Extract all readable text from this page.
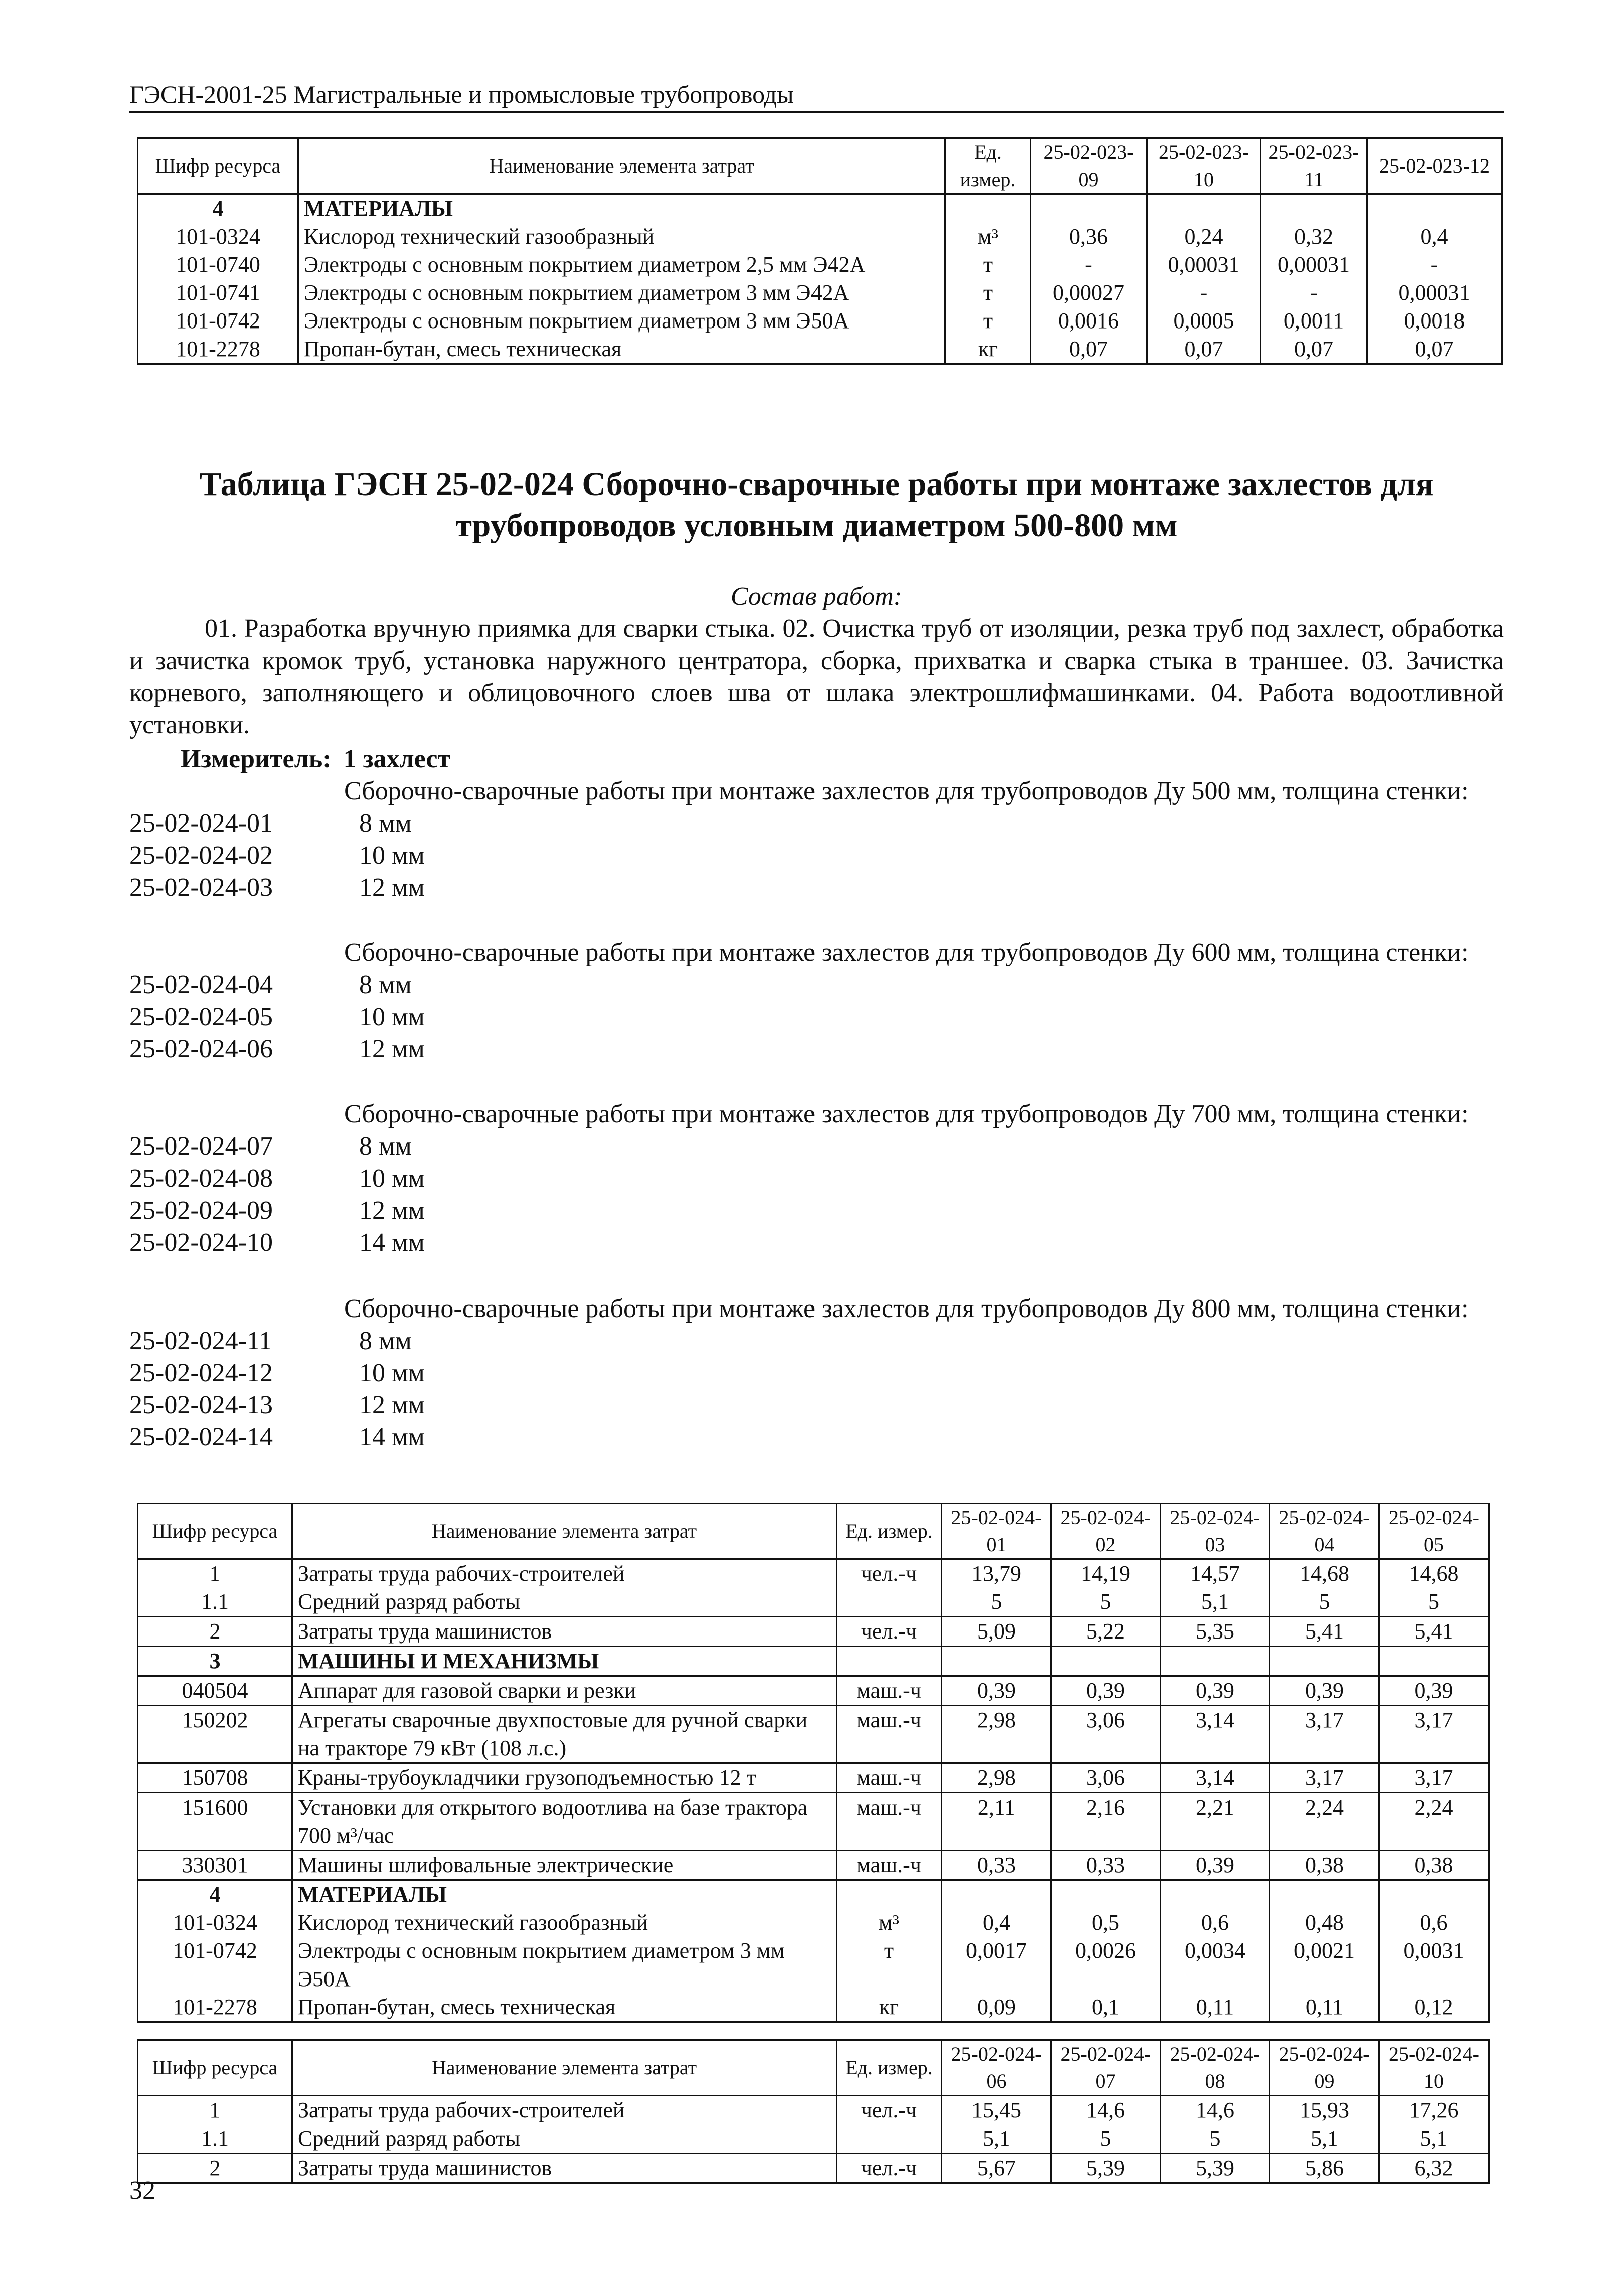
ГЭСН-2001-25 Магистральные и промысловые трубопроводы
Шифр ресурса	Наименование элемента затрат	Ед. измер.	25-02-023-09	25-02-023-10	25-02-023-11	25-02-023-12
4	МАТЕРИАЛЫ					
101-0324	Кислород технический газообразный	м³	0,36	0,24	0,32	0,4
101-0740	Электроды с основным покрытием диаметром 2,5 мм Э42А	т	-	0,00031	0,00031	-
101-0741	Электроды с основным покрытием диаметром 3 мм Э42А	т	0,00027	-	-	0,00031
101-0742	Электроды с основным покрытием диаметром 3 мм Э50А	т	0,0016	0,0005	0,0011	0,0018
101-2278	Пропан-бутан, смесь техническая	кг	0,07	0,07	0,07	0,07
Таблица ГЭСН 25-02-024 Сборочно-сварочные работы при монтаже захлестов для трубопроводов условным диаметром 500-800 мм
Состав работ:
01. Разработка вручную приямка для сварки стыка. 02. Очистка труб от изоляции, резка труб под захлест, обработка и зачистка кромок труб, установка наружного центратора, сборка, прихватка и сварка стыка в траншее. 03. Зачистка корневого, заполняющего и облицовочного слоев шва от шлака электрошлифмашинками. 04. Работа водоотливной установки.
Измеритель: 1 захлест
Сборочно-сварочные работы при монтаже захлестов для трубопроводов Ду 500 мм, толщина стенки:
25-02-024-01	8 мм
25-02-024-02	10 мм
25-02-024-03	12 мм
Сборочно-сварочные работы при монтаже захлестов для трубопроводов Ду 600 мм, толщина стенки:
25-02-024-04	8 мм
25-02-024-05	10 мм
25-02-024-06	12 мм
Сборочно-сварочные работы при монтаже захлестов для трубопроводов Ду 700 мм, толщина стенки:
25-02-024-07	8 мм
25-02-024-08	10 мм
25-02-024-09	12 мм
25-02-024-10	14 мм
Сборочно-сварочные работы при монтаже захлестов для трубопроводов Ду 800 мм, толщина стенки:
25-02-024-11	8 мм
25-02-024-12	10 мм
25-02-024-13	12 мм
25-02-024-14	14 мм
Шифр ресурса	Наименование элемента затрат	Ед. измер.	25-02-024-01	25-02-024-02	25-02-024-03	25-02-024-04	25-02-024-05
1	Затраты труда рабочих-строителей	чел.-ч	13,79	14,19	14,57	14,68	14,68
1.1	Средний разряд работы		5	5	5,1	5	5
2	Затраты труда машинистов	чел.-ч	5,09	5,22	5,35	5,41	5,41
3	МАШИНЫ И МЕХАНИЗМЫ						
040504	Аппарат для газовой сварки и резки	маш.-ч	0,39	0,39	0,39	0,39	0,39
150202	Агрегаты сварочные двухпостовые для ручной сварки на тракторе 79 кВт (108 л.с.)	маш.-ч	2,98	3,06	3,14	3,17	3,17
150708	Краны-трубоукладчики грузоподъемностью 12 т	маш.-ч	2,98	3,06	3,14	3,17	3,17
151600	Установки для открытого водоотлива на базе трактора 700 м³/час	маш.-ч	2,11	2,16	2,21	2,24	2,24
330301	Машины шлифовальные электрические	маш.-ч	0,33	0,33	0,39	0,38	0,38
4	МАТЕРИАЛЫ						
101-0324	Кислород технический газообразный	м³	0,4	0,5	0,6	0,48	0,6
101-0742	Электроды с основным покрытием диаметром 3 мм Э50А	т	0,0017	0,0026	0,0034	0,0021	0,0031
101-2278	Пропан-бутан, смесь техническая	кг	0,09	0,1	0,11	0,11	0,12
Шифр ресурса	Наименование элемента затрат	Ед. измер.	25-02-024-06	25-02-024-07	25-02-024-08	25-02-024-09	25-02-024-10
1	Затраты труда рабочих-строителей	чел.-ч	15,45	14,6	14,6	15,93	17,26
1.1	Средний разряд работы		5,1	5	5	5,1	5,1
2	Затраты труда машинистов	чел.-ч	5,67	5,39	5,39	5,86	6,32
32
